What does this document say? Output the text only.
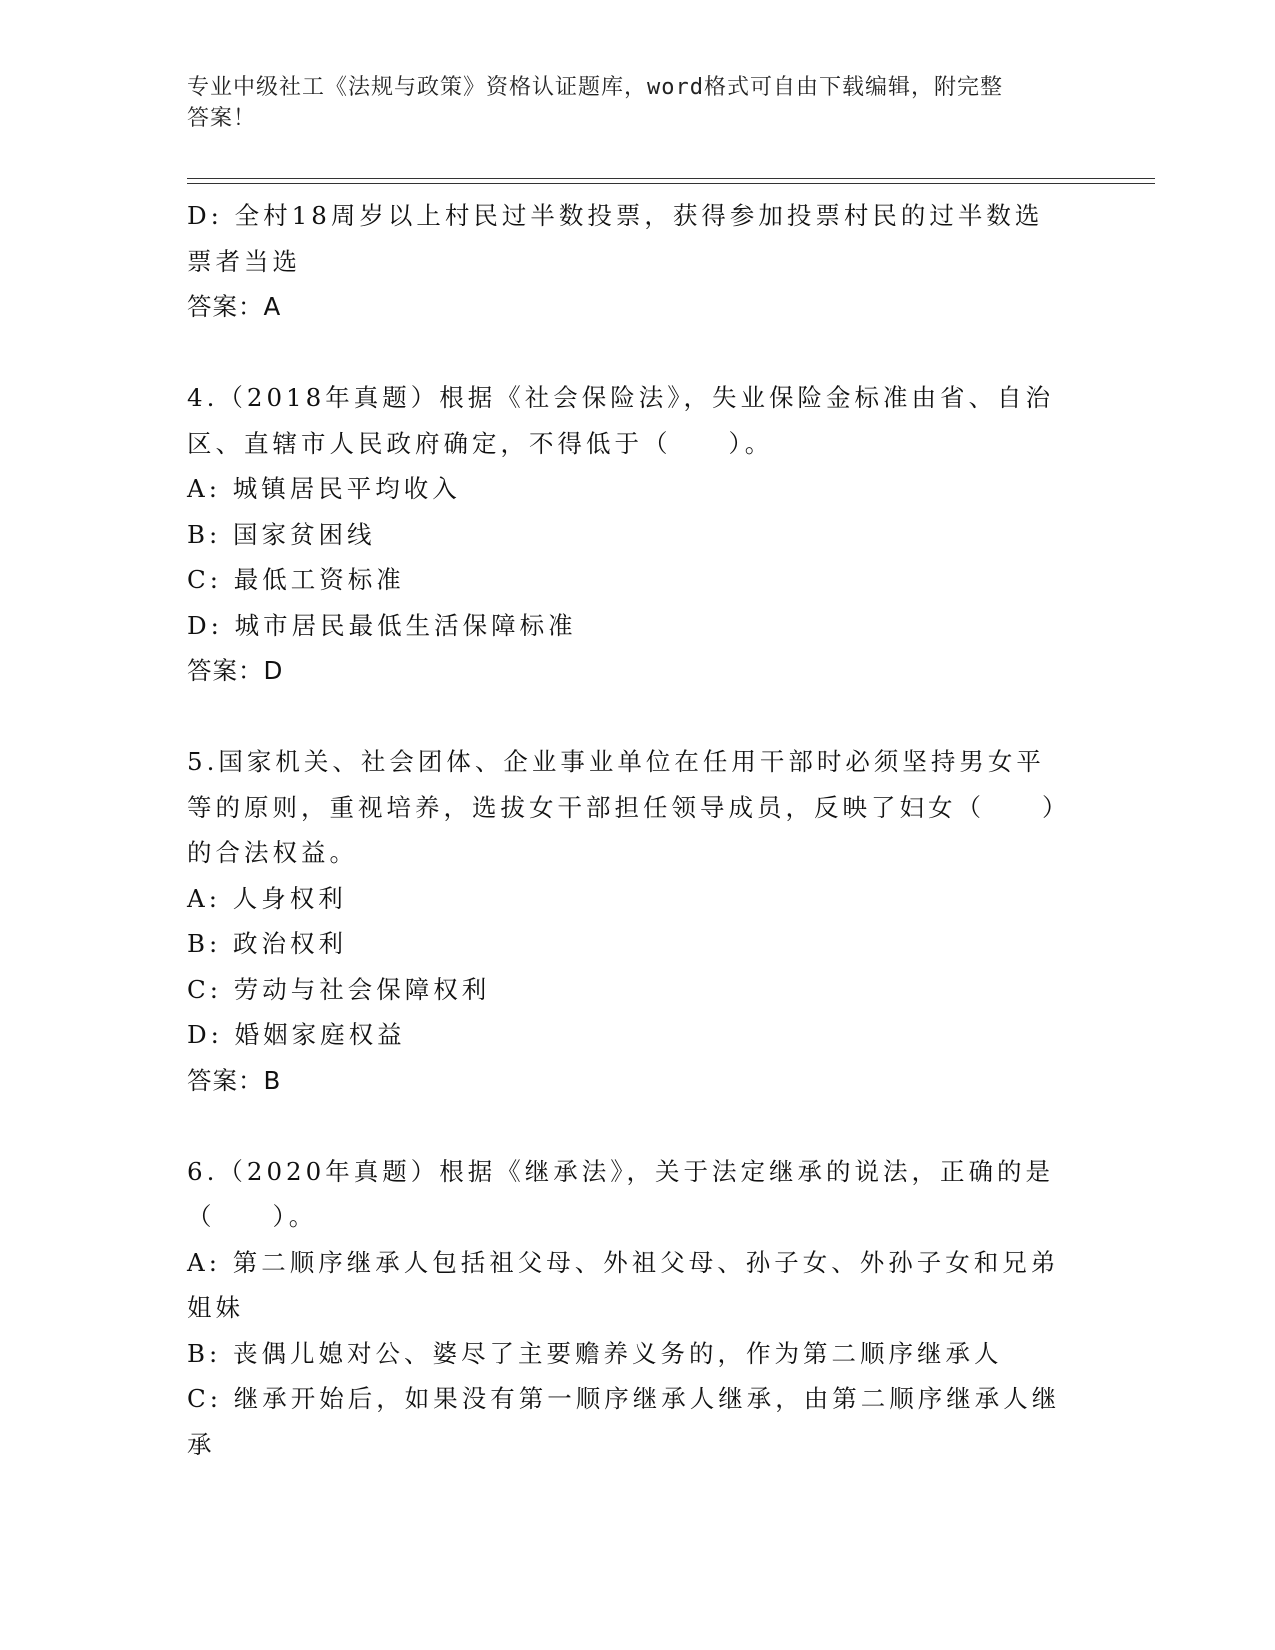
专业中级社工《法规与政策》资格认证题库，word格式可自由下载编辑，附完整
答案！
D: 全村18周岁以上村民过半数投票，获得参加投票村民的过半数选
票者当选
答案：A
4.（2018年真题）根据《社会保险法》，失业保险金标准由省、自治
区、直辖市人民政府确定，不得低于（　　）。
A: 城镇居民平均收入
B: 国家贫困线
C: 最低工资标准
D: 城市居民最低生活保障标准
答案：D
5.国家机关、社会团体、企业事业单位在任用干部时必须坚持男女平
等的原则，重视培养，选拔女干部担任领导成员，反映了妇女（　　）
的合法权益。
A: 人身权利
B: 政治权利
C: 劳动与社会保障权利
D: 婚姻家庭权益
答案：B
6.（2020年真题）根据《继承法》，关于法定继承的说法，正确的是
（　　）。
A: 第二顺序继承人包括祖父母、外祖父母、孙子女、外孙子女和兄弟
姐妹
B: 丧偶儿媳对公、婆尽了主要赡养义务的，作为第二顺序继承人
C: 继承开始后，如果没有第一顺序继承人继承，由第二顺序继承人继
承
